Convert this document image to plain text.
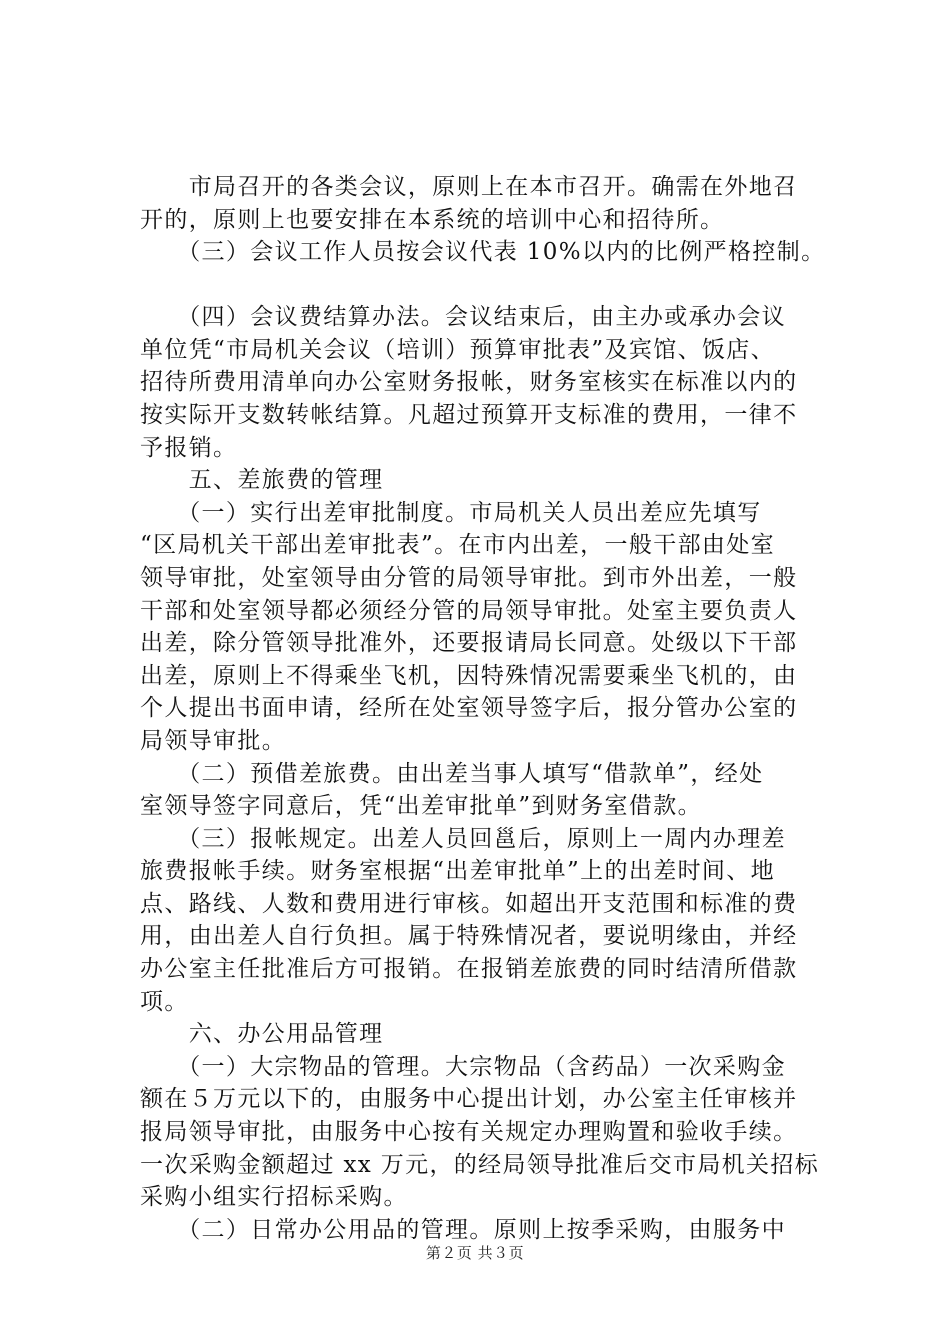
　　市局召开的各类会议，原则上在本市召开。确需在外地召
开的，原则上也要安排在本系统的培训中心和招待所。
　　（三）会议工作人员按会议代表 10%以内的比例严格控制。
　　（四）会议费结算办法。会议结束后，由主办或承办会议
单位凭“市局机关会议（培训）预算审批表”及宾馆、饭店、
招待所费用清单向办公室财务报帐，财务室核实在标准以内的
按实际开支数转帐结算。凡超过预算开支标准的费用，一律不
予报销。
　　五、差旅费的管理
　　（一）实行出差审批制度。市局机关人员出差应先填写
“区局机关干部出差审批表”。在市内出差，一般干部由处室
领导审批，处室领导由分管的局领导审批。到市外出差，一般
干部和处室领导都必须经分管的局领导审批。处室主要负责人
出差，除分管领导批准外，还要报请局长同意。处级以下干部
出差，原则上不得乘坐飞机，因特殊情况需要乘坐飞机的，由
个人提出书面申请，经所在处室领导签字后，报分管办公室的
局领导审批。
　　（二）预借差旅费。由出差当事人填写“借款单”，经处
室领导签字同意后，凭“出差审批单”到财务室借款。
　　（三）报帐规定。出差人员回邕后，原则上一周内办理差
旅费报帐手续。财务室根据“出差审批单”上的出差时间、地
点、路线、人数和费用进行审核。如超出开支范围和标准的费
用，由出差人自行负担。属于特殊情况者，要说明缘由，并经
办公室主任批准后方可报销。在报销差旅费的同时结清所借款
项。
　　六、办公用品管理
　　（一）大宗物品的管理。大宗物品（含药品）一次采购金
额在５万元以下的，由服务中心提出计划，办公室主任审核并
报局领导审批，由服务中心按有关规定办理购置和验收手续。
一次采购金额超过 xx 万元，的经局领导批准后交市局机关招标
采购小组实行招标采购。
　　（二）日常办公用品的管理。原则上按季采购，由服务中
第２页 共３页
